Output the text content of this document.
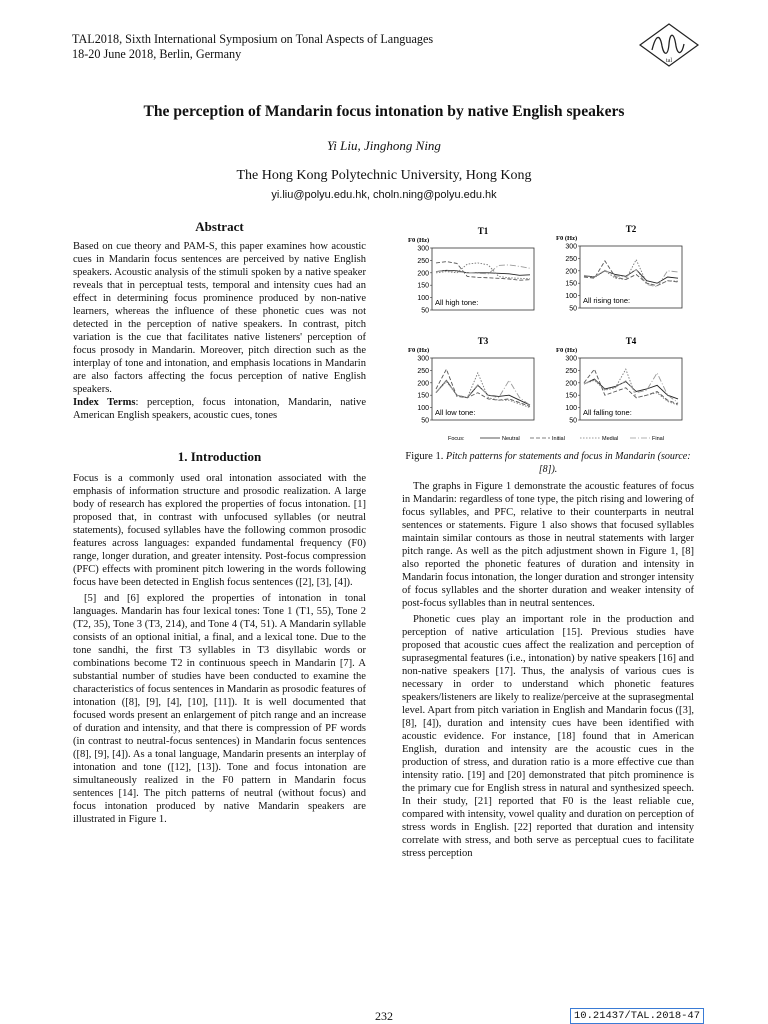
TAL2018, Sixth International Symposium on Tonal Aspects of Languages
18-20 June 2018, Berlin, Germany	tal
The perception of Mandarin focus intonation by native English speakers
Yi Liu, Jinghong Ning
The Hong Kong Polytechnic University, Hong Kong
yi.liu@polyu.edu.hk, choln.ning@polyu.edu.hk

Abstract

Based on cue theory and PAM-S, this paper examines how acoustic cues in Mandarin focus sentences are perceived by native English speakers. Acoustic analysis of the stimuli spoken by a native speaker reveals that in perceptual tests, temporal and intensity cues had an effect in determining focus prominence produced by non-native learners, whereas the influence of these phonetic cues was not detected in the perception of native speakers. In contrast, pitch variation is the cue that facilitates native listeners' perception of focus prosody in Mandarin. Moreover, pitch direction such as the interplay of tone and intonation, and emphasis locations in Mandarin are also factors affecting the focus perception of native English speakers.

Index Terms: perception, focus intonation, Mandarin, native American English speakers, acoustic cues, tones

1. Introduction

Focus is a commonly used oral intonation associated with the emphasis of information structure and prosodic realization. A large body of research has explored the properties of focus intonation. [1] proposed that, in contrast with unfocused syllables (or neutral statements), focused syllables have the following common prosodic features across languages: expanded fundamental frequency (F0) range, longer duration, and greater intensity. Post-focus compression (PFC) effects with prominent pitch lowering in the words following focus have been detected in English focus sentences ([2], [3], [4]).

[5] and [6] explored the properties of intonation in tonal languages. Mandarin has four lexical tones: Tone 1 (T1, 55), Tone 2 (T2, 35), Tone 3 (T3, 214), and Tone 4 (T4, 51). A Mandarin syllable consists of an optional initial, a final, and a lexical tone. Due to the tone sandhi, the first T3 syllables in T3 disyllabic words or combinations become T2 in continuous speech in Mandarin [7]. A substantial number of studies have been conducted to examine the characteristics of focus sentences in Mandarin as prosodic features of intonation ([8], [9], [4], [10], [11]). It is well documented that focused words present an enlargement of pitch range and an increase of duration and intensity, and that there is compression of PF words (in contrast to neutral-focus sentences) in Mandarin focus sentences ([8], [9], [4]). As a tonal language, Mandarin presents an interplay of intonation and tone ([12], [13]). Tone and focus intonation are simultaneously realized in the F0 pattern in Mandarin focus sentences [14]. The pitch patterns of neutral (without focus) and focus intonation produced by native Mandarin speakers are illustrated in Figure 1.

T1
F0 (Hz)
300
250
200
150
100
50
All high tone:
T2
F0 (Hz)
300
250
200
150
100
50
All rising tone:
T3
F0 (Hz)
300
250
200
150
100
50
All low tone:
T4
F0 (Hz)
300
250
200
150
100
50
All falling tone:
Focus:	Neutral	Initial	Medial	Final
Figure 1. Pitch patterns for statements and focus in Mandarin (source: [8]).

The graphs in Figure 1 demonstrate the acoustic features of focus in Mandarin: regardless of tone type, the pitch rising and lowering of focus syllables, and PFC, relative to their counterparts in neutral sentences or statements. Figure 1 also shows that focused syllables maintain similar contours as those in neutral statements with larger pitch range. As well as the pitch adjustment shown in Figure 1, [8] also reported the phonetic features of duration and intensity in Mandarin focus intonation, the longer duration and stronger intensity of focus syllables and the shorter duration and weaker intensity of post-focus syllables than in neutral sentences.

Phonetic cues play an important role in the production and perception of native articulation [15]. Previous studies have proposed that acoustic cues affect the realization and perception of suprasegmental features (i.e., intonation) by native speakers [16] and non-native speakers [17]. Thus, the analysis of various cues is necessary in order to understand which phonetic features speakers/listeners are likely to realize/perceive at the suprasegmental level. Apart from pitch variation in English and Mandarin focus ([3], [8], [4]), duration and intensity cues have been identified with acoustic evidence. For instance, [18] found that in American English, duration and intensity are the acoustic cues in the production of stress, and duration ratio is a more effective cue than intensity ratio. [19] and [20] demonstrated that pitch prominence is the primary cue for English stress in natural and synthesized speech. In their study, [21] reported that F0 is the least reliable cue, compared with intensity, vowel quality and duration on perception of stress words in English. [22] reported that duration and intensity correlate with stress, and both serve as perceptual cues to facilitate stress perception

232	10.21437/TAL.2018-47
